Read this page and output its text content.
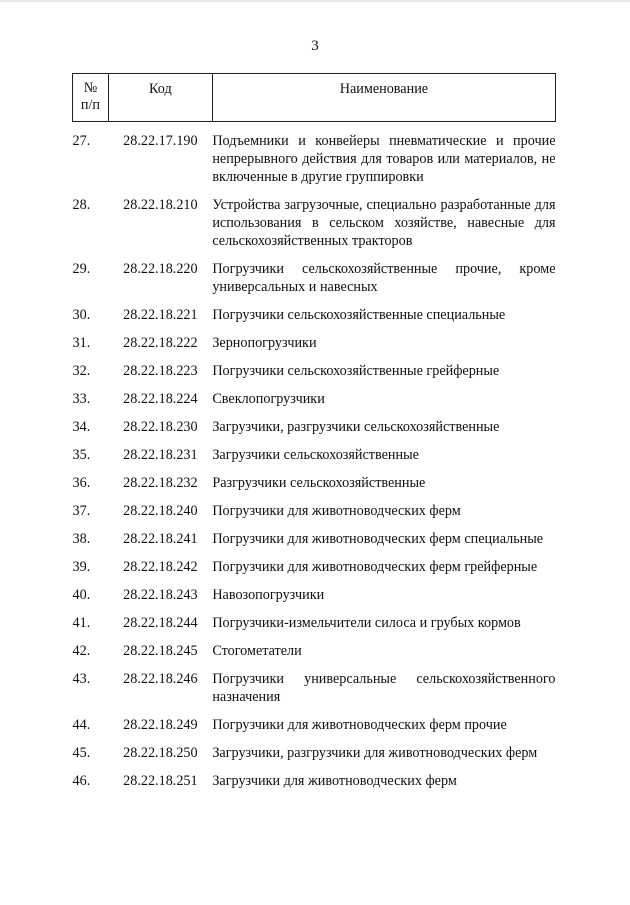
3
№
п/п	Код	Наименование

27.	28.22.17.190	Подъемники и конвейеры пневматические и прочие непрерывного действия для товаров или материалов, не включенные в другие группировки

28.	28.22.18.210	Устройства загрузочные, специально разработанные для использования в сельском хозяйстве, навесные для сельскохозяйственных тракторов

29.	28.22.18.220	Погрузчики сельскохозяйственные прочие, кроме универсальных и навесных

30.	28.22.18.221	Погрузчики сельскохозяйственные специальные

31.	28.22.18.222	Зернопогрузчики

32.	28.22.18.223	Погрузчики сельскохозяйственные грейферные

33.	28.22.18.224	Свеклопогрузчики

34.	28.22.18.230	Загрузчики, разгрузчики сельскохозяйственные

35.	28.22.18.231	Загрузчики сельскохозяйственные

36.	28.22.18.232	Разгрузчики сельскохозяйственные

37.	28.22.18.240	Погрузчики для животноводческих ферм

38.	28.22.18.241	Погрузчики для животноводческих ферм специальные

39.	28.22.18.242	Погрузчики для животноводческих ферм грейферные

40.	28.22.18.243	Навозопогрузчики

41.	28.22.18.244	Погрузчики-измельчители силоса и грубых кормов

42.	28.22.18.245	Стогометатели

43.	28.22.18.246	Погрузчики универсальные сельскохозяйственного назначения

44.	28.22.18.249	Погрузчики для животноводческих ферм прочие

45.	28.22.18.250	Загрузчики, разгрузчики для животноводческих ферм

46.	28.22.18.251	Загрузчики для животноводческих ферм
